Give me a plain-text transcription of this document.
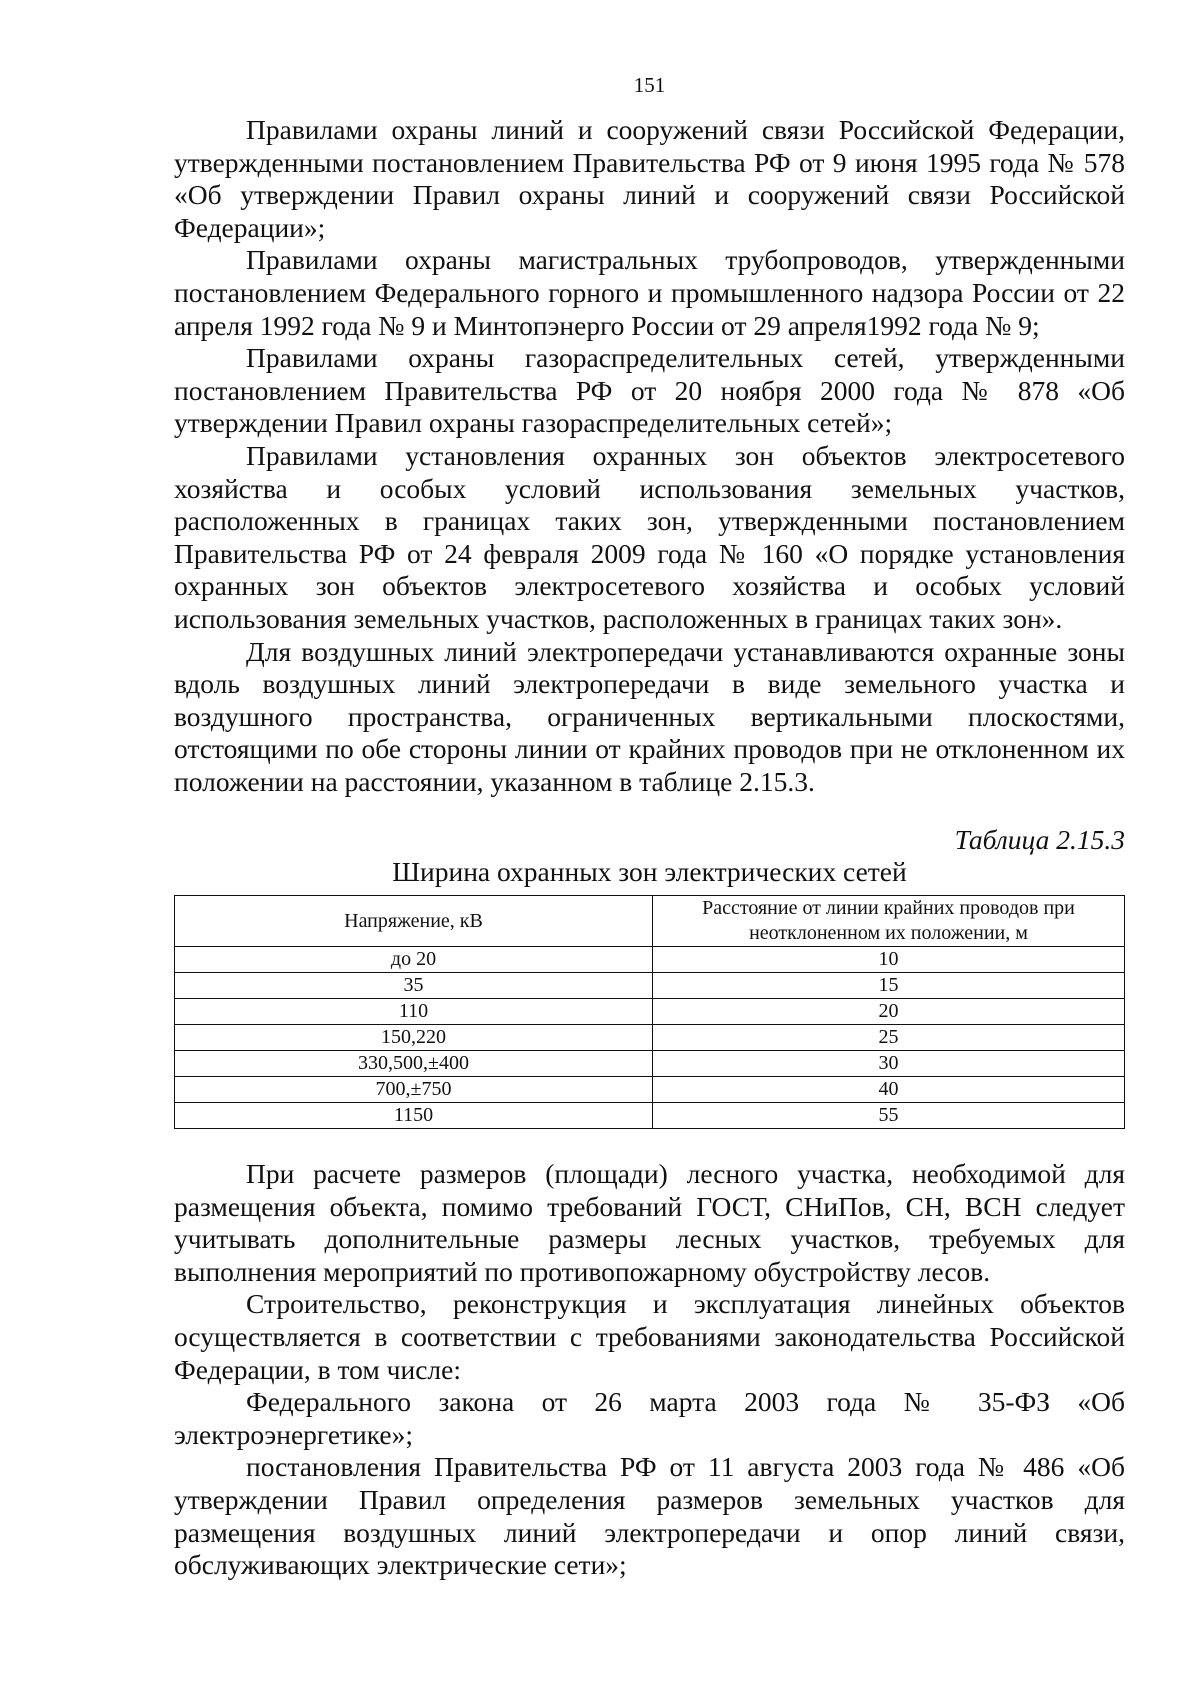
151

Правилами охраны линий и сооружений связи Российской Федерации, утвержденными постановлением Правительства РФ от 9 июня 1995 года № 578 «Об утверждении Правил охраны линий и сооружений связи Российской Федерации»;

Правилами охраны магистральных трубопроводов, утвержденными постановлением Федерального горного и промышленного надзора России от 22 апреля 1992 года № 9 и Минтопэнерго России от 29 апреля1992 года № 9;

Правилами охраны газораспределительных сетей, утвержденными постановлением Правительства РФ от 20 ноября 2000 года № 878 «Об утверждении Правил охраны газораспределительных сетей»;

Правилами установления охранных зон объектов электросетевого хозяйства и особых условий использования земельных участков, расположенных в границах таких зон, утвержденными постановлением Правительства РФ от 24 февраля 2009 года № 160 «О порядке установления охранных зон объектов электросетевого хозяйства и особых условий использования земельных участков, расположенных в границах таких зон».

Для воздушных линий электропередачи устанавливаются охранные зоны вдоль воздушных линий электропередачи в виде земельного участка и воздушного пространства, ограниченных вертикальными плоскостями, отстоящими по обе стороны линии от крайних проводов при не отклоненном их положении на расстоянии, указанном в таблице 2.15.3.

Таблица 2.15.3
Ширина охранных зон электрических сетей
Напряжение, кВ	Расстояние от линии крайних проводов при неотклоненном их положении, м
до 20	10
35	15
110	20
150,220	25
330,500,±400	30
700,±750	40
1150	55

При расчете размеров (площади) лесного участка, необходимой для размещения объекта, помимо требований ГОСТ, СНиПов, СН, ВСН следует учитывать дополнительные размеры лесных участков, требуемых для выполнения мероприятий по противопожарному обустройству лесов.

Строительство, реконструкция и эксплуатация линейных объектов осуществляется в соответствии с требованиями законодательства Российской Федерации, в том числе:

Федерального закона от 26 марта 2003 года № 35-ФЗ «Об электроэнергетике»;

постановления Правительства РФ от 11 августа 2003 года № 486 «Об утверждении Правил определения размеров земельных участков для размещения воздушных линий электропередачи и опор линий связи, обслуживающих электрические сети»;
